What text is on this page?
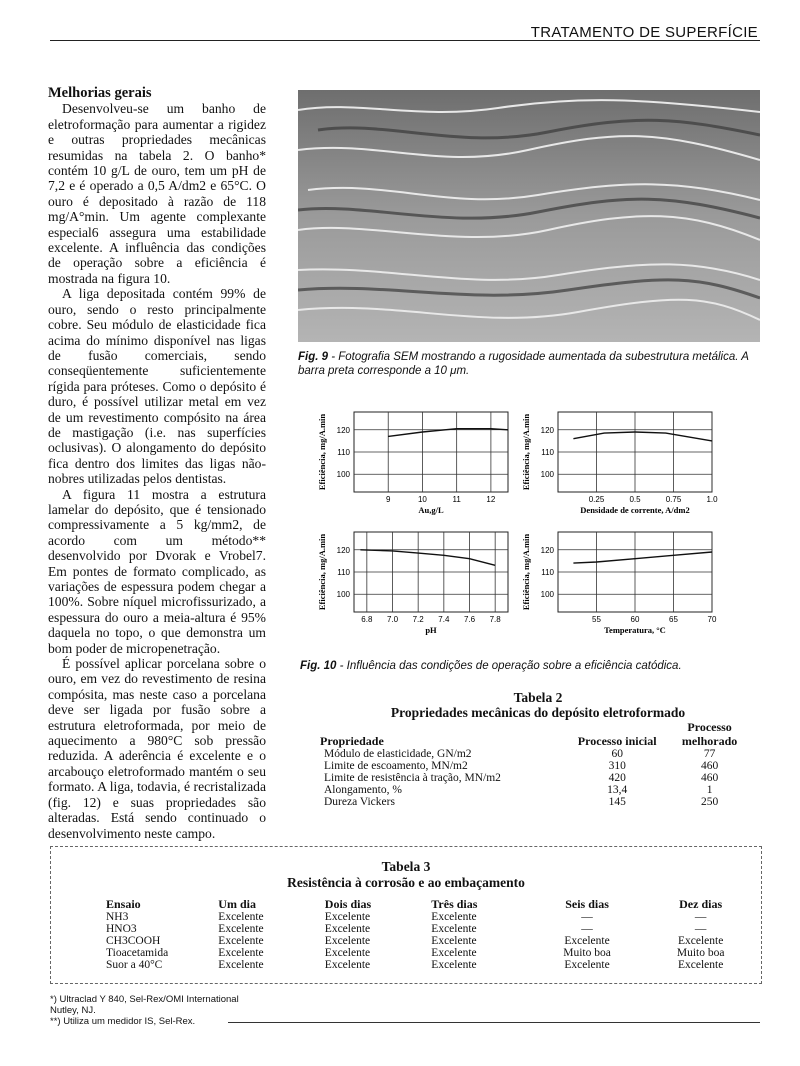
TRATAMENTO DE SUPERFÍCIE
Melhorias gerais

Desenvolveu-se um banho de eletroformação para aumentar a rigidez e outras propriedades mecânicas resumidas na tabela 2. O banho* contém 10 g/L de ouro, tem um pH de 7,2 e é operado a 0,5 A/dm2 e 65°C. O ouro é depositado à razão de 118 mg/A°min. Um agente complexante especial6 assegura uma estabilidade excelente. A influência das condições de operação sobre a eficiência é mostrada na figura 10.

A liga depositada contém 99% de ouro, sendo o resto principalmente cobre. Seu módulo de elasticidade fica acima do mínimo disponível nas ligas de fusão comerciais, sendo conseqüentemente suficientemente rígida para próteses. Como o depósito é duro, é possível utilizar metal em vez de um revestimento compósito na área de mastigação (i.e. nas superfícies oclusivas). O alongamento do depósito fica dentro dos limites das ligas não-nobres utilizadas pelos dentistas.

A figura 11 mostra a estrutura lamelar do depósito, que é tensionado compressivamente a 5 kg/mm2, de acordo com um método** desenvolvido por Dvorak e Vrobel7. Em pontes de formato complicado, as variações de espessura podem chegar a 100%. Sobre níquel microfissurizado, a espessura do ouro a meia-altura é 95% daquela no topo, o que demonstra um bom poder de micropenetração.

É possível aplicar porcelana sobre o ouro, em vez do revestimento de resina compósita, mas neste caso a porcelana deve ser ligada por fusão sobre a estrutura eletroformada, por meio de aquecimento a 980°C sob pressão reduzida. A aderência é excelente e o arcabouço eletroformado mantém o seu formato. A liga, todavia, é recristalizada (fig. 12) e suas propriedades são alteradas. Está sendo continuado o desenvolvimento neste campo.

Fig. 9 - Fotografia SEM mostrando a rugosidade aumentada da subestrutura metálica. A barra preta corresponde a 10 μm.
100
110
120
9	10	11	12
Au,g/L
Eficiência, mg/A.min	100
110
120
0.25	0.5	0.75	1.0
Densidade de corrente, A/dm2
Eficiência, mg/A.min
100
110
120
6.8 7.0 7.2 7.4 7.6 7.8
pH
Eficiência, mg/A.min	100
110
120
55	60	65	70
Temperatura, °C
Eficiência, mg/A.min
Fig. 10 - Influência das condições de operação sobre a eficiência catódica.
Tabela 2
Propriedades mecânicas do depósito eletroformado
Propriedade	Processo inicial	Processo melhorado
Módulo de elasticidade, GN/m2	60	77
Limite de escoamento, MN/m2	310	460
Limite de resistência à tração, MN/m2	420	460
Alongamento, %	13,4	1
Dureza Vickers	145	250
Tabela 3
Resistência à corrosão e ao embaçamento
Ensaio	Um dia	Dois dias	Três dias	Seis dias	Dez dias
NH3	Excelente	Excelente	Excelente	—	—
HNO3	Excelente	Excelente	Excelente	—	—
CH3COOH	Excelente	Excelente	Excelente	Excelente	Excelente
Tioacetamida	Excelente	Excelente	Excelente	Muito boa	Muito boa
Suor a 40°C	Excelente	Excelente	Excelente	Excelente	Excelente
*) Ultraclad Y 840, Sel-Rex/OMI International
Nutley, NJ.
**) Utiliza um medidor IS, Sel-Rex.
